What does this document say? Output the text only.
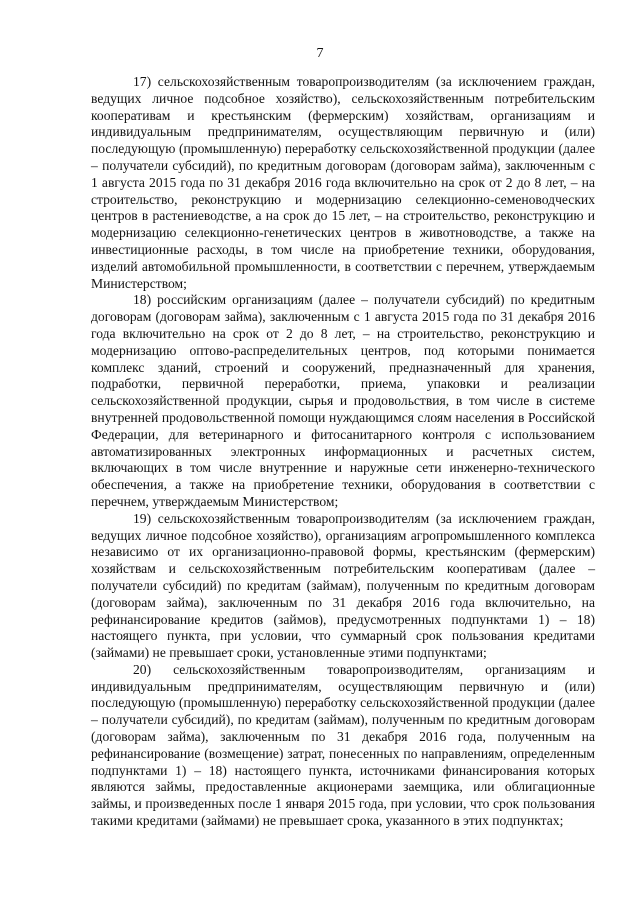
7

17) сельскохозяйственным товаропроизводителям (за исключением граждан, ведущих личное подсобное хозяйство), сельскохозяйственным потребительским кооперативам и крестьянским (фермерским) хозяйствам, организациям и индивидуальным предпринимателям, осуществляющим первичную и (или) последующую (промышленную) переработку сельскохозяйственной продукции (далее – получатели субсидий), по кредитным договорам (договорам займа), заключенным с 1 августа 2015 года по 31 декабря 2016 года включительно на срок от 2 до 8 лет, – на строительство, реконструкцию и модернизацию селекционно-семеноводческих центров в растениеводстве, а на срок до 15 лет, – на строительство, реконструкцию и модернизацию селекционно-генетических центров в животноводстве, а также на инвестиционные расходы, в том числе на приобретение техники, оборудования, изделий автомобильной промышленности, в соответствии с перечнем, утверждаемым Министерством;

18) российским организациям (далее – получатели субсидий) по кредитным договорам (договорам займа), заключенным с 1 августа 2015 года по 31 декабря 2016 года включительно на срок от 2 до 8 лет, – на строительство, реконструкцию и модернизацию оптово-распределительных центров, под которыми понимается комплекс зданий, строений и сооружений, предназначенный для хранения, подработки, первичной переработки, приема, упаковки и реализации сельскохозяйственной продукции, сырья и продовольствия, в том числе в системе внутренней продовольственной помощи нуждающимся слоям населения в Российской Федерации, для ветеринарного и фитосанитарного контроля с использованием автоматизированных электронных информационных и расчетных систем, включающих в том числе внутренние и наружные сети инженерно-технического обеспечения, а также на приобретение техники, оборудования в соответствии с перечнем, утверждаемым Министерством;

19) сельскохозяйственным товаропроизводителям (за исключением граждан, ведущих личное подсобное хозяйство), организациям агропромышленного комплекса независимо от их организационно-правовой формы, крестьянским (фермерским) хозяйствам и сельскохозяйственным потребительским кооперативам (далее – получатели субсидий) по кредитам (займам), полученным по кредитным договорам (договорам займа), заключенным по 31 декабря 2016 года включительно, на рефинансирование кредитов (займов), предусмотренных подпунктами 1) – 18) настоящего пункта, при условии, что суммарный срок пользования кредитами (займами) не превышает сроки, установленные этими подпунктами;

20) сельскохозяйственным товаропроизводителям, организациям и индивидуальным предпринимателям, осуществляющим первичную и (или) последующую (промышленную) переработку сельскохозяйственной продукции (далее – получатели субсидий), по кредитам (займам), полученным по кредитным договорам (договорам займа), заключенным по 31 декабря 2016 года, полученным на рефинансирование (возмещение) затрат, понесенных по направлениям, определенным подпунктами 1) – 18) настоящего пункта, источниками финансирования которых являются займы, предоставленные акционерами заемщика, или облигационные займы, и произведенных после 1 января 2015 года, при условии, что срок пользования такими кредитами (займами) не превышает срока, указанного в этих подпунктах;
